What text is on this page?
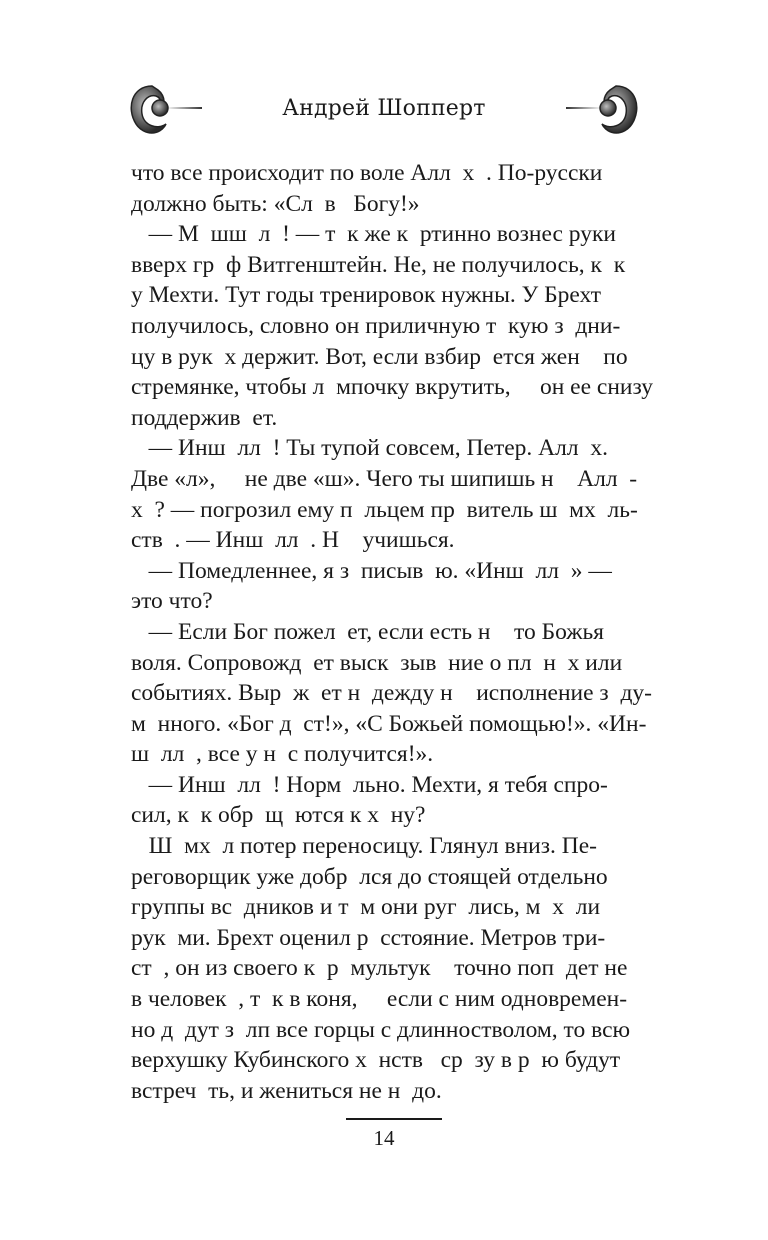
Андрей Шопперт
что все происходит по воле Алл  х  . По-русски
должно быть: «Сл  в   Богу!»
— М  шш  л  ! — т  к же к  ртинно вознес руки
вверх гр  ф Витгенштейн. Не, не получилось, к  к
у Мехти. Тут годы тренировок нужны. У Брехт
получилось, словно он приличную т  кую з  дни-
цу в рук  х держит. Вот, если взбир  ется жен    по
стремянке, чтобы л  мпочку вкрутить,     он ее снизу
поддержив  ет.
— Инш  лл  ! Ты тупой совсем, Петер. Алл  х.
Две «л»,     не две «ш». Чего ты шипишь н    Алл  -
х  ? — погрозил ему п  льцем пр  витель ш  мх  ль-
ств  . — Инш  лл  . Н    учишься.
— Помедленнее, я з  писыв  ю. «Инш  лл  » —
это что?
— Если Бог пожел  ет, если есть н    то Божья
воля. Сопровожд  ет выск  зыв  ние о пл  н  х или
событиях. Выр  ж  ет н  дежду н    исполнение з  ду-
м  нного. «Бог д  ст!», «С Божьей помощью!». «Ин-
ш  лл  , все у н  с получится!».
— Инш  лл  ! Норм  льно. Мехти, я тебя спро-
сил, к  к обр  щ  ются к х  ну?
Ш  мх  л потер переносицу. Глянул вниз. Пе-
реговорщик уже добр  лся до стоящей отдельно
группы вс  дников и т  м они руг  лись, м  х  ли
рук  ми. Брехт оценил р  сстояние. Метров три-
ст  , он из своего к  р  мультук    точно поп  дет не
в человек  , т  к в коня,     если с ним одновремен-
но д  дут з  лп все горцы с длинностволом, то всю
верхушку Кубинского х  нств   ср  зу в р  ю будут
встреч  ть, и жениться не н  до.
14
